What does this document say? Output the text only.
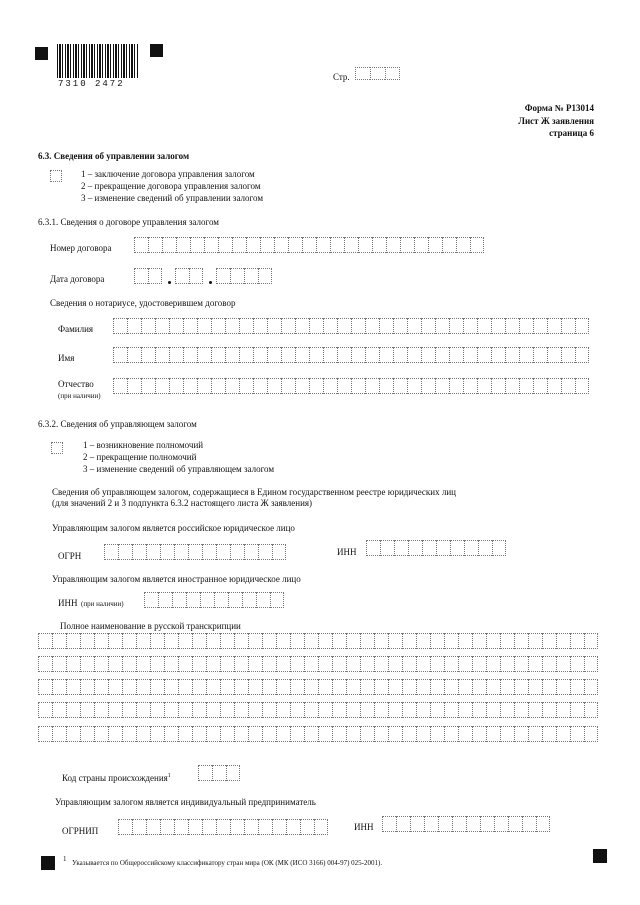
7310 2472
Стр.
Форма № Р13014
Лист Ж заявления
страница 6
6.3. Сведения об управлении залогом
1 – заключение договора управления залогом
2 – прекращение договора управления залогом
3 – изменение сведений об управлении залогом
6.3.1. Сведения о договоре управления залогом
Номер договора
Дата договора
Сведения о нотариусе, удостоверившем договор
Фамилия
Имя
Отчество
(при наличии)
6.3.2. Сведения об управляющем залогом
1 – возникновение полномочий
2 – прекращение полномочий
3 – изменение сведений об управляющем залогом
Сведения об управляющем залогом, содержащиеся в Едином государственном реестре юридических лиц
(для значений 2 и 3 подпункта 6.3.2 настоящего листа Ж заявления)
Управляющим залогом является российское юридическое лицо
ОГРН	ИНН
Управляющим залогом является иностранное юридическое лицо
ИНН (при наличии)
Полное наименование в русской транскрипции
Код страны происхождения$^1$
Управляющим залогом является индивидуальный предприниматель
ОГРНИП	ИНН
1 Указывается по Общероссийскому классификатору стран мира (ОК (МК (ИСО 3166) 004-97) 025-2001).
